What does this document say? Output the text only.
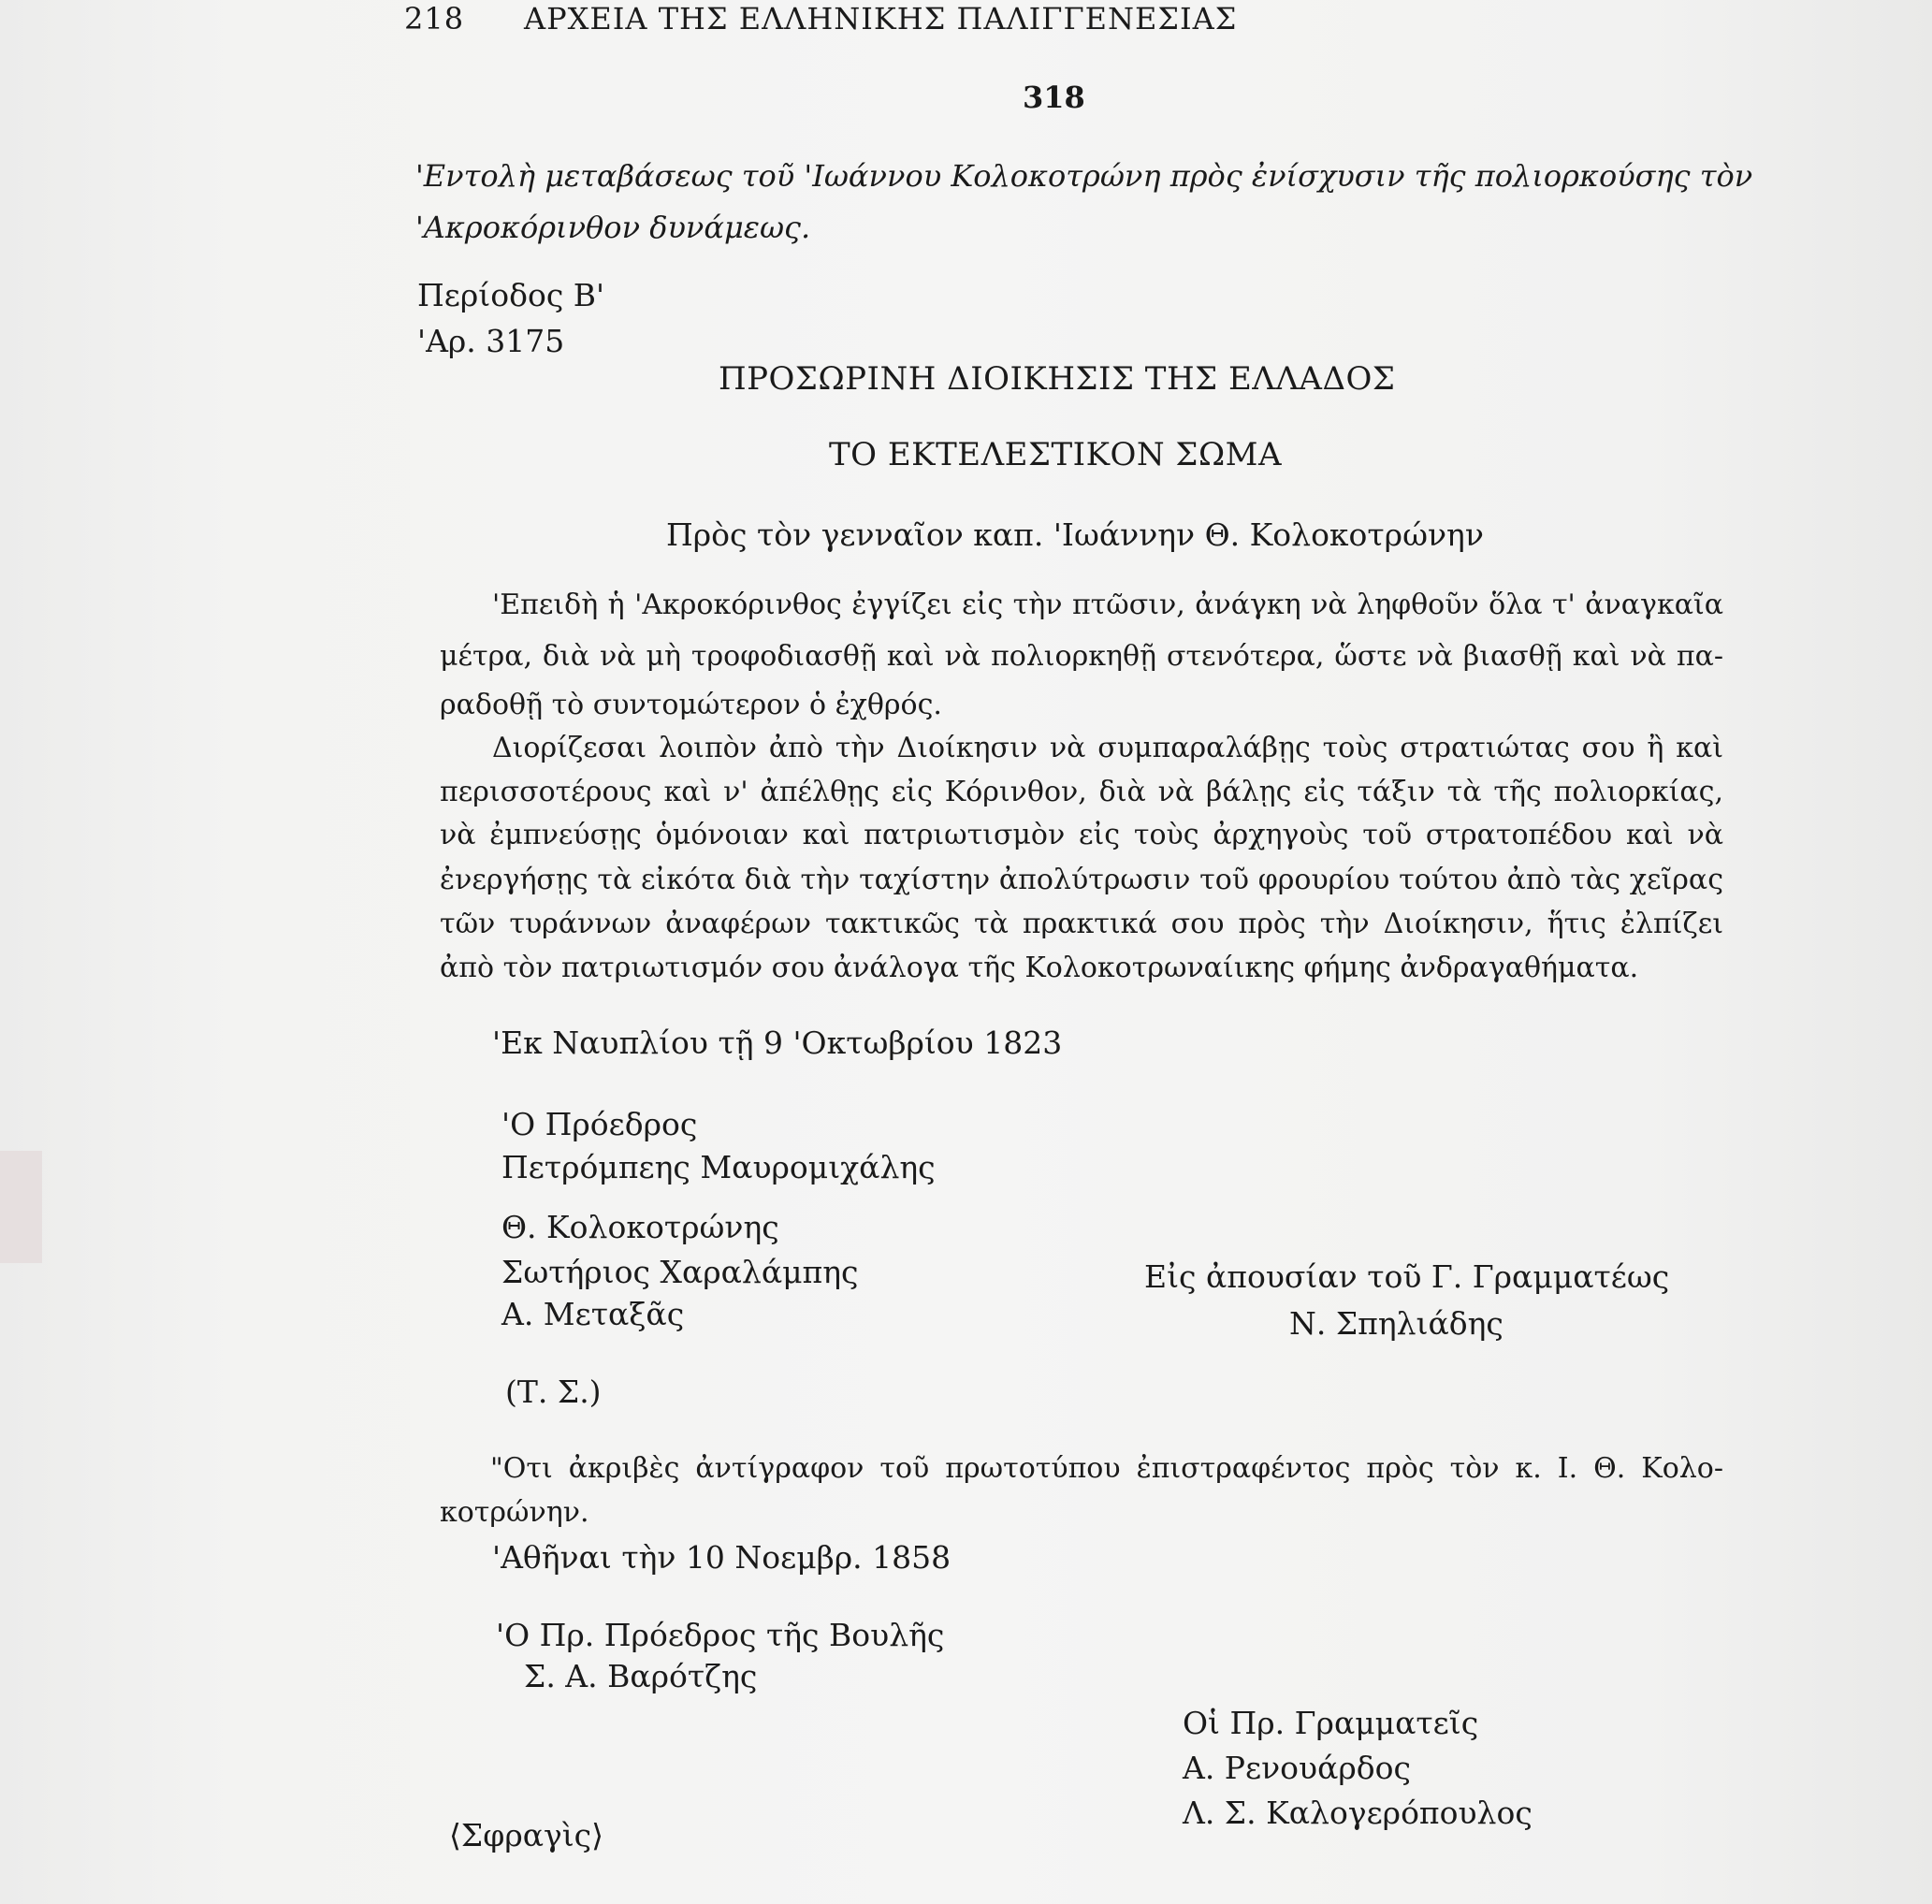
218 ΑΡΧΕΙΑ ΤΗΣ ΕΛΛΗΝΙΚΗΣ ΠΑΛΙΓΓΕΝΕΣΙΑΣ
318
'Εντολὴ μεταβάσεως τοῦ 'Ιωάννου Κολοκοτρώνη πρὸς ἐνίσχυσιν τῆς πολιορκούσης τὸν
'Ακροκόρινθον δυνάμεως.
Περίοδος Β'
'Αρ. 3175
ΠΡΟΣΩΡΙΝΗ ΔΙΟΙΚΗΣΙΣ ΤΗΣ ΕΛΛΑΔΟΣ
ΤΟ ΕΚΤΕΛΕΣΤΙΚΟΝ ΣΩΜΑ
Πρὸς τὸν γενναῖον καπ. 'Ιωάννην Θ. Κολοκοτρώνην
'Επειδὴ ἡ 'Ακροκόρινθος ἐγγίζει εἰς τὴν πτῶσιν, ἀνάγκη νὰ ληφθοῦν ὅλα τ' ἀναγκαῖα
μέτρα, διὰ νὰ μὴ τροφοδιασθῇ καὶ νὰ πολιορκηθῇ στενότερα, ὥστε νὰ βιασθῇ καὶ νὰ πα-
ραδοθῇ τὸ συντομώτερον ὁ ἐχθρός.
Διορίζεσαι λοιπὸν ἀπὸ τὴν Διοίκησιν νὰ συμπαραλάβῃς τοὺς στρατιώτας σου ἢ καὶ
περισσοτέρους καὶ ν' ἀπέλθῃς εἰς Κόρινθον, διὰ νὰ βάλῃς εἰς τάξιν τὰ τῆς πολιορκίας,
νὰ ἐμπνεύσῃς ὁμόνοιαν καὶ πατριωτισμὸν εἰς τοὺς ἀρχηγοὺς τοῦ στρατοπέδου καὶ νὰ
ἐνεργήσῃς τὰ εἰκότα διὰ τὴν ταχίστην ἀπολύτρωσιν τοῦ φρουρίου τούτου ἀπὸ τὰς χεῖρας
τῶν τυράννων ἀναφέρων τακτικῶς τὰ πρακτικά σου πρὸς τὴν Διοίκησιν, ἥτις ἐλπίζει
ἀπὸ τὸν πατριωτισμόν σου ἀνάλογα τῆς Κολοκοτρωναίικης φήμης ἀνδραγαθήματα.
'Εκ Ναυπλίου τῇ 9 'Οκτωβρίου 1823
'Ο Πρόεδρος
Πετρόμπεης Μαυρομιχάλης
Θ. Κολοκοτρώνης
Σωτήριος Χαραλάμπης
Α. Μεταξᾶς
Εἰς ἀπουσίαν τοῦ Γ. Γραμματέως
Ν. Σπηλιάδης
(Τ. Σ.)
"Οτι ἀκριβὲς ἀντίγραφον τοῦ πρωτοτύπου ἐπιστραφέντος πρὸς τὸν κ. Ι. Θ. Κολο-
κοτρώνην.
'Αθῆναι τὴν 10 Νοεμβρ. 1858
'Ο Πρ. Πρόεδρος τῆς Βουλῆς
Σ. Α. Βαρότζης
Οἱ Πρ. Γραμματεῖς
Α. Ρενουάρδος
Λ. Σ. Καλογερόπουλος
⟨Σφραγὶς⟩
